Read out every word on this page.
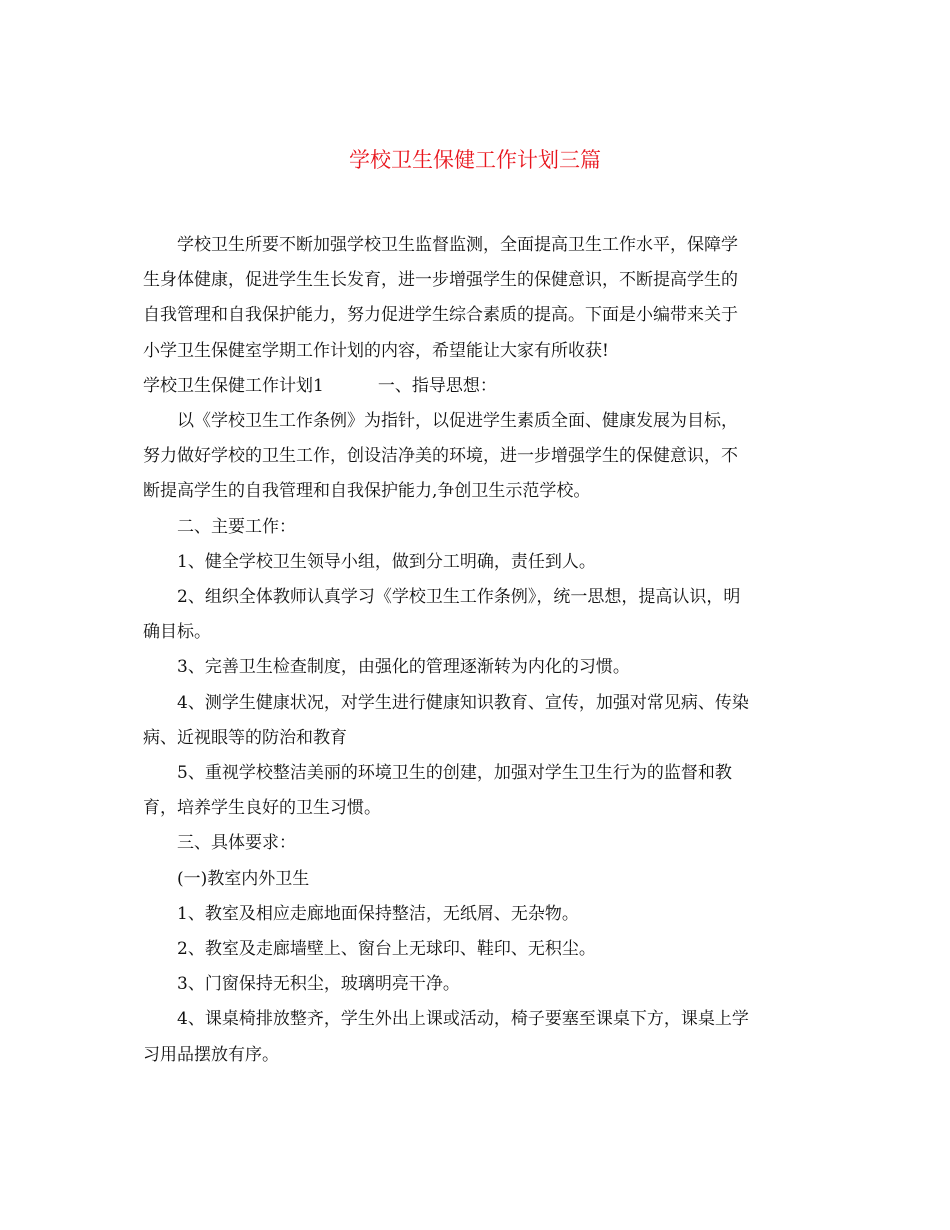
学校卫生保健工作计划三篇
学校卫生所要不断加强学校卫生监督监测，全面提高卫生工作水平，保障学
生身体健康，促进学生生长发育，进一步增强学生的保健意识，不断提高学生的
自我管理和自我保护能力，努力促进学生综合素质的提高。下面是小编带来关于
小学卫生保健室学期工作计划的内容，希望能让大家有所收获!
学校卫生保健工作计划1	一、指导思想：
以《学校卫生工作条例》为指针，以促进学生素质全面、健康发展为目标，
努力做好学校的卫生工作，创设洁净美的环境，进一步增强学生的保健意识，不
断提高学生的自我管理和自我保护能力,争创卫生示范学校。
二、主要工作：
1、健全学校卫生领导小组，做到分工明确，责任到人。
2、组织全体教师认真学习《学校卫生工作条例》，统一思想，提高认识，明
确目标。
3、完善卫生检查制度，由强化的管理逐渐转为内化的习惯。
4、测学生健康状况，对学生进行健康知识教育、宣传，加强对常见病、传染
病、近视眼等的防治和教育
5、重视学校整洁美丽的环境卫生的创建，加强对学生卫生行为的监督和教
育，培养学生良好的卫生习惯。
三、具体要求：
(一)教室内外卫生
1、教室及相应走廊地面保持整洁，无纸屑、无杂物。
2、教室及走廊墙壁上、窗台上无球印、鞋印、无积尘。
3、门窗保持无积尘，玻璃明亮干净。
4、课桌椅排放整齐，学生外出上课或活动，椅子要塞至课桌下方，课桌上学
习用品摆放有序。
